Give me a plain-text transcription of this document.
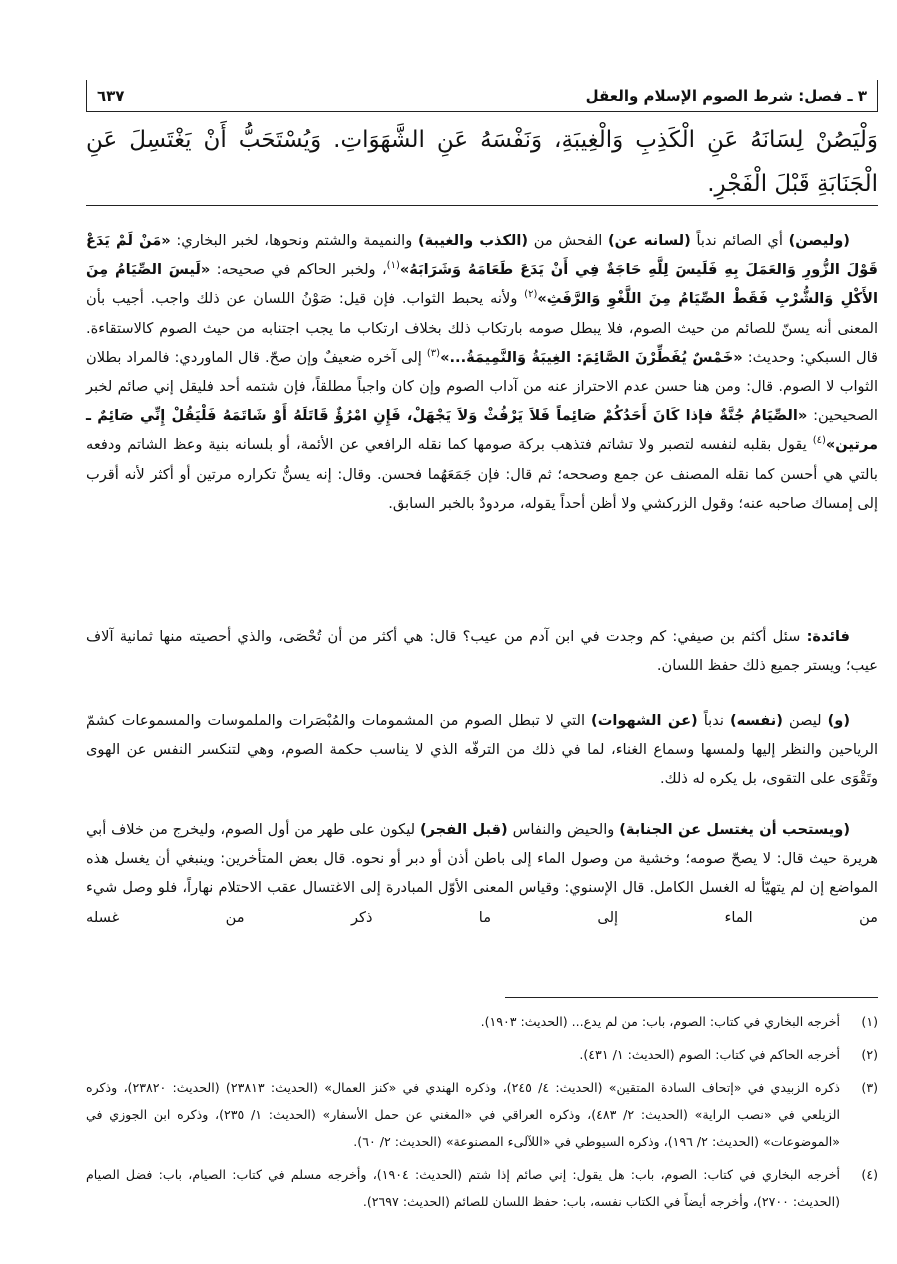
٣ ـ فصل: شرط الصوم الإسلام والعقل
٦٣٧
وَلْيَصُنْ لِسَانَهُ عَنِ الْكَذِبِ وَالْغِيبَةِ، وَنَفْسَهُ عَنِ الشَّهَوَاتِ. وَيُسْتَحَبُّ أَنْ يَغْتَسِلَ عَنِ الْجَنَابَةِ قَبْلَ الْفَجْرِ.
(وليصن) أي الصائم ندباً (لسانه عن) الفحش من (الكذب والغيبة) والنميمة والشتم ونحوها، لخبر البخاري: «مَنْ لَمْ يَدَعْ قَوْلَ الزُّورِ وَالعَمَلَ بِهِ فَلَيسَ لِلَّهِ حَاجَةٌ فِي أَنْ يَدَعَ طَعَامَهُ وَشَرَابَهُ»$^{(١)}$، ولخبر الحاكم في صحيحه: «لَيسَ الصِّيَامُ مِنَ الأَكْلِ وَالشُّرْبِ فَقَطْ الصِّيَامُ مِنَ اللَّغْوِ وَالرَّفَثِ»$^{(٢)}$ ولأنه يحبط الثواب. فإن قيل: صَوْنُ اللسان عن ذلك واجب. أجيب بأن المعنى أنه يسنّ للصائم من حيث الصوم، فلا يبطل صومه بارتكاب ذلك بخلاف ارتكاب ما يجب اجتنابه من حيث الصوم كالاستقاءة. قال السبكي: وحديث: «خَمْسٌ يُفَطِّرْنَ الصَّائِمَ: الغِيبَةُ وَالنَّمِيمَةُ...»$^{(٣)}$ إلى آخره ضعيفٌ وإن صحّ. قال الماوردي: فالمراد بطلان الثواب لا الصوم. قال: ومن هنا حسن عدم الاحتراز عنه من آداب الصوم وإن كان واجباً مطلقاً، فإن شتمه أحد فليقل إني صائم لخبر الصحيحين: «الصِّيَامُ جُنَّةٌ فإذا كَانَ أَحَدُكُمْ صَائِماً فَلاَ يَرْفُثْ وَلاَ يَجْهَلْ، فَإِنِ امْرُؤٌ قَاتَلَهُ أَوْ شَاتَمَهُ فَلْيَقُلْ إِنِّي صَائِمٌ ـ مرتين»$^{(٤)}$ يقول بقلبه لنفسه لتصبر ولا تشاتم فتذهب بركة صومها كما نقله الرافعي عن الأئمة، أو بلسانه بنية وعظ الشاتم ودفعه بالتي هي أحسن كما نقله المصنف عن جمع وصححه؛ ثم قال: فإن جَمَعَهُما فحسن. وقال: إنه يسنُّ تكراره مرتين أو أكثر لأنه أقرب إلى إمساك صاحبه عنه؛ وقول الزركشي ولا أظن أحداً يقوله، مردودٌ بالخبر السابق.
فائدة: سئل أكثم بن صيفي: كم وجدت في ابن آدم من عيب؟ قال: هي أكثر من أن تُحْصَى، والذي أحصيته منها ثمانية آلاف عيب؛ ويستر جميع ذلك حفظ اللسان.
(و) ليصن (نفسه) ندباً (عن الشهوات) التي لا تبطل الصوم من المشمومات والمُبْصَرات والملموسات والمسموعات كشمّ الرياحين والنظر إليها ولمسها وسماع الغناء، لما في ذلك من الترفّه الذي لا يناسب حكمة الصوم، وهي لتنكسر النفس عن الهوى وتَقْوَى على التقوى، بل يكره له ذلك.
(ويستحب أن يغتسل عن الجنابة) والحيض والنفاس (قبل الفجر) ليكون على طهر من أول الصوم، وليخرج من خلاف أبي هريرة حيث قال: لا يصحّ صومه؛ وخشية من وصول الماء إلى باطن أذن أو دبر أو نحوه. قال بعض المتأخرين: وينبغي أن يغسل هذه المواضع إن لم يتهيّأ له الغسل الكامل. قال الإسنوي: وقياس المعنى الأوّل المبادرة إلى الاغتسال عقب الاحتلام نهاراً، فلو وصل شيء من الماء إلى ما ذكر من غسله
(١)
أخرجه البخاري في كتاب: الصوم، باب: من لم يدع... (الحديث: ١٩٠٣).
(٢)
أخرجه الحاكم في كتاب: الصوم (الحديث: ١/ ٤٣١).
(٣)
ذكره الزبيدي في «إتحاف السادة المتقين» (الحديث: ٤/ ٢٤٥)، وذكره الهندي في «كنز العمال» (الحديث: ٢٣٨١٣) (الحديث: ٢٣٨٢٠)، وذكره الزيلعي في «نصب الراية» (الحديث: ٢/ ٤٨٣)، وذكره العراقي في «المغني عن حمل الأسفار» (الحديث: ١/ ٢٣٥)، وذكره ابن الجوزي في «الموضوعات» (الحديث: ٢/ ١٩٦)، وذكره السيوطي في «اللآلىء المصنوعة» (الحديث: ٢/ ٦٠).
(٤)
أخرجه البخاري في كتاب: الصوم، باب: هل يقول: إني صائم إذا شتم (الحديث: ١٩٠٤)، وأخرجه مسلم في كتاب: الصيام، باب: فضل الصيام (الحديث: ٢٧٠٠)، وأخرجه أيضاً في الكتاب نفسه، باب: حفظ اللسان للصائم (الحديث: ٢٦٩٧).
